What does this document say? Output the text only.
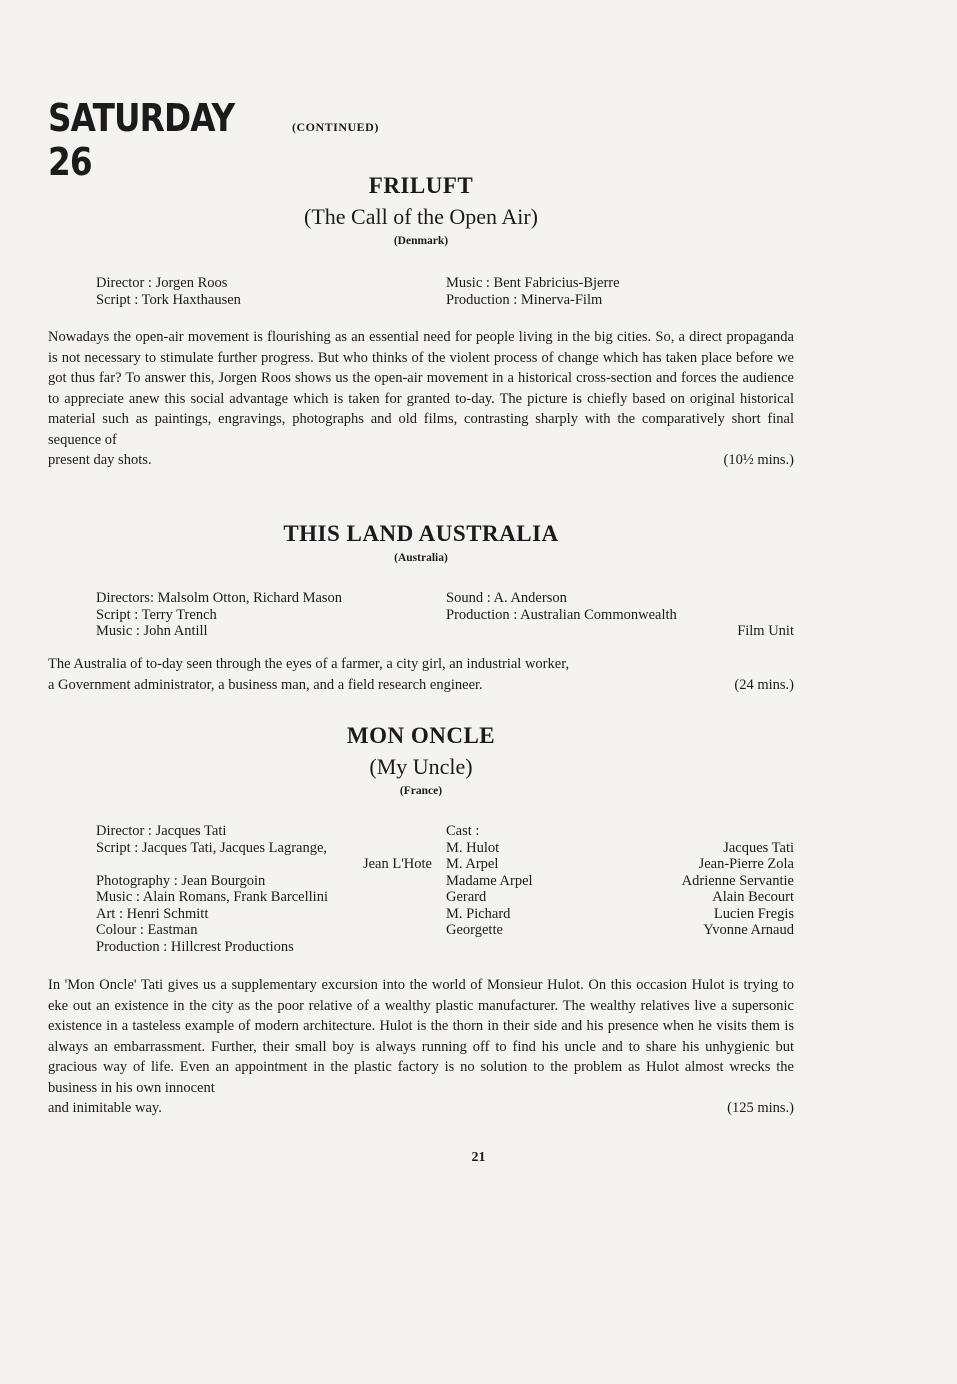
SATURDAY 26
(CONTINUED)
FRILUFT
(The Call of the Open Air)
(Denmark)
Director : Jorgen Roos
Script : Tork Haxthausen
Music : Bent Fabricius-Bjerre
Production : Minerva-Film
Nowadays the open-air movement is flourishing as an essential need for people living in the big cities. So, a direct propaganda is not necessary to stimulate further progress. But who thinks of the violent process of change which has taken place before we got thus far? To answer this, Jorgen Roos shows us the open-air movement in a historical cross-section and forces the audience to appreciate anew this social advantage which is taken for granted to-day. The picture is chiefly based on original historical material such as paintings, engravings, photographs and old films, contrasting sharply with the comparatively short final sequence of
present day shots.	(10½ mins.)
THIS LAND AUSTRALIA
(Australia)
Directors: Malsolm Otton, Richard Mason
Script : Terry Trench
Music : John Antill
Sound : A. Anderson
Production : Australian Commonwealth
Film Unit
The Australia of to-day seen through the eyes of a farmer, a city girl, an industrial worker,
a Government administrator, a business man, and a field research engineer.	(24 mins.)
MON ONCLE
(My Uncle)
(France)
Director : Jacques Tati
Script : Jacques Tati, Jacques Lagrange,
Jean L'Hote
Photography : Jean Bourgoin
Music : Alain Romans, Frank Barcellini
Art : Henri Schmitt
Colour : Eastman
Production : Hillcrest Productions
Cast :
M. Hulot	Jacques Tati
M. Arpel	Jean-Pierre Zola
Madame Arpel	Adrienne Servantie
Gerard	Alain Becourt
M. Pichard	Lucien Fregis
Georgette	Yvonne Arnaud
In 'Mon Oncle' Tati gives us a supplementary excursion into the world of Monsieur Hulot. On this occasion Hulot is trying to eke out an existence in the city as the poor relative of a wealthy plastic manufacturer. The wealthy relatives live a supersonic existence in a tasteless example of modern architecture. Hulot is the thorn in their side and his presence when he visits them is always an embarrassment. Further, their small boy is always running off to find his uncle and to share his unhygienic but gracious way of life. Even an appointment in the plastic factory is no solution to the problem as Hulot almost wrecks the business in his own innocent
and inimitable way.	(125 mins.)
21
